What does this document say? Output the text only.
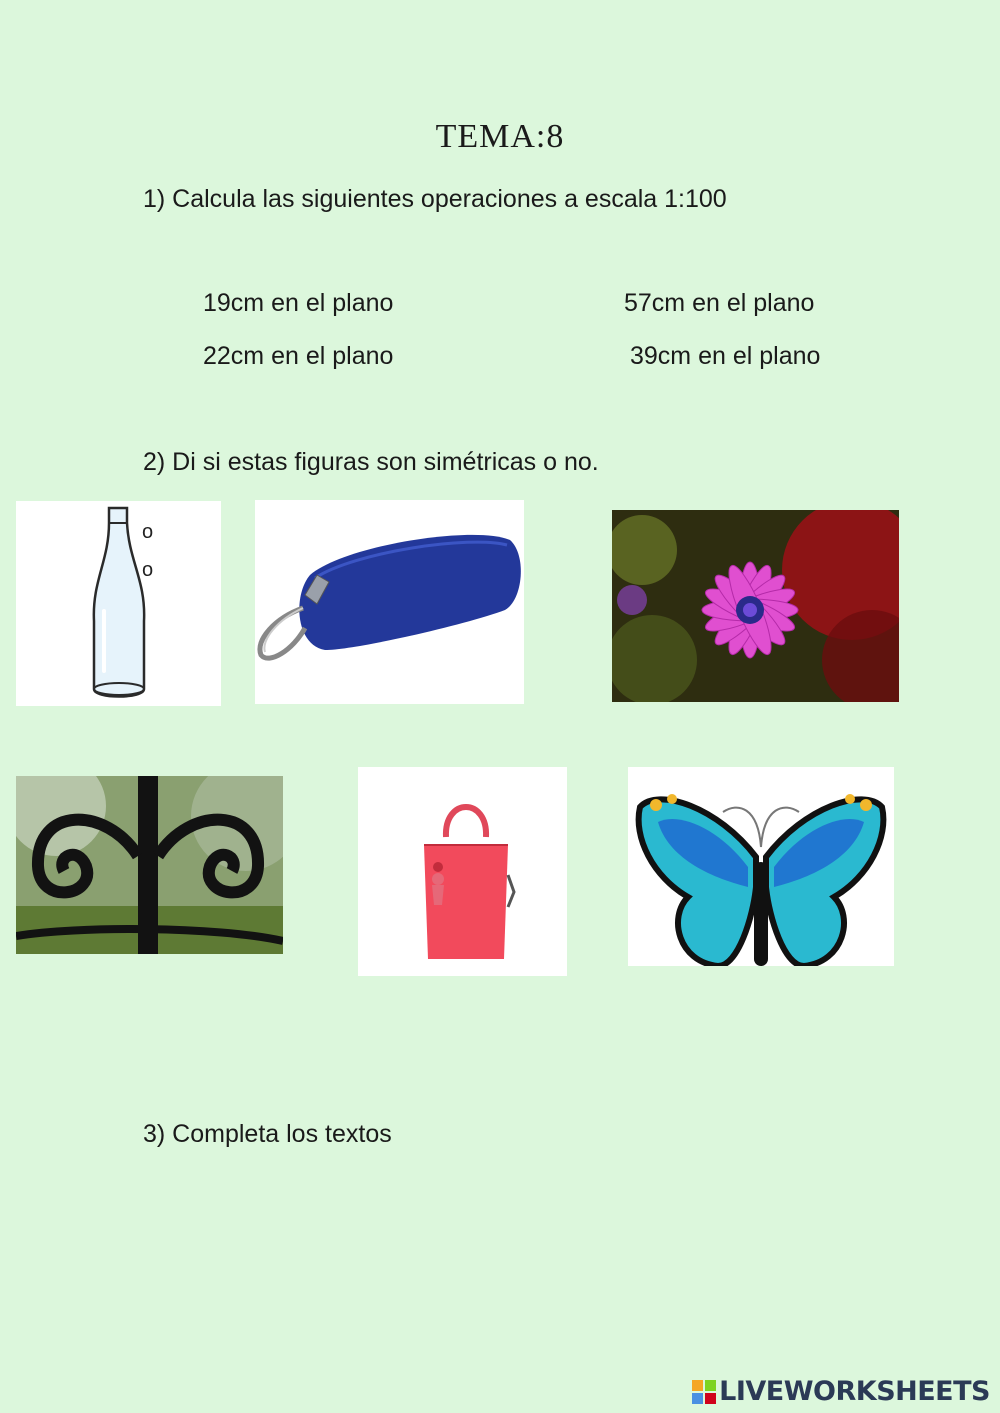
TEMA:8
1) Calcula las siguientes operaciones a escala 1:100
19cm en el plano	57cm en el plano
22cm en el plano	39cm en el plano
2) Di si estas figuras son simétricas o no.
o
o
3) Completa los textos
LIVEWORKSHEETS
